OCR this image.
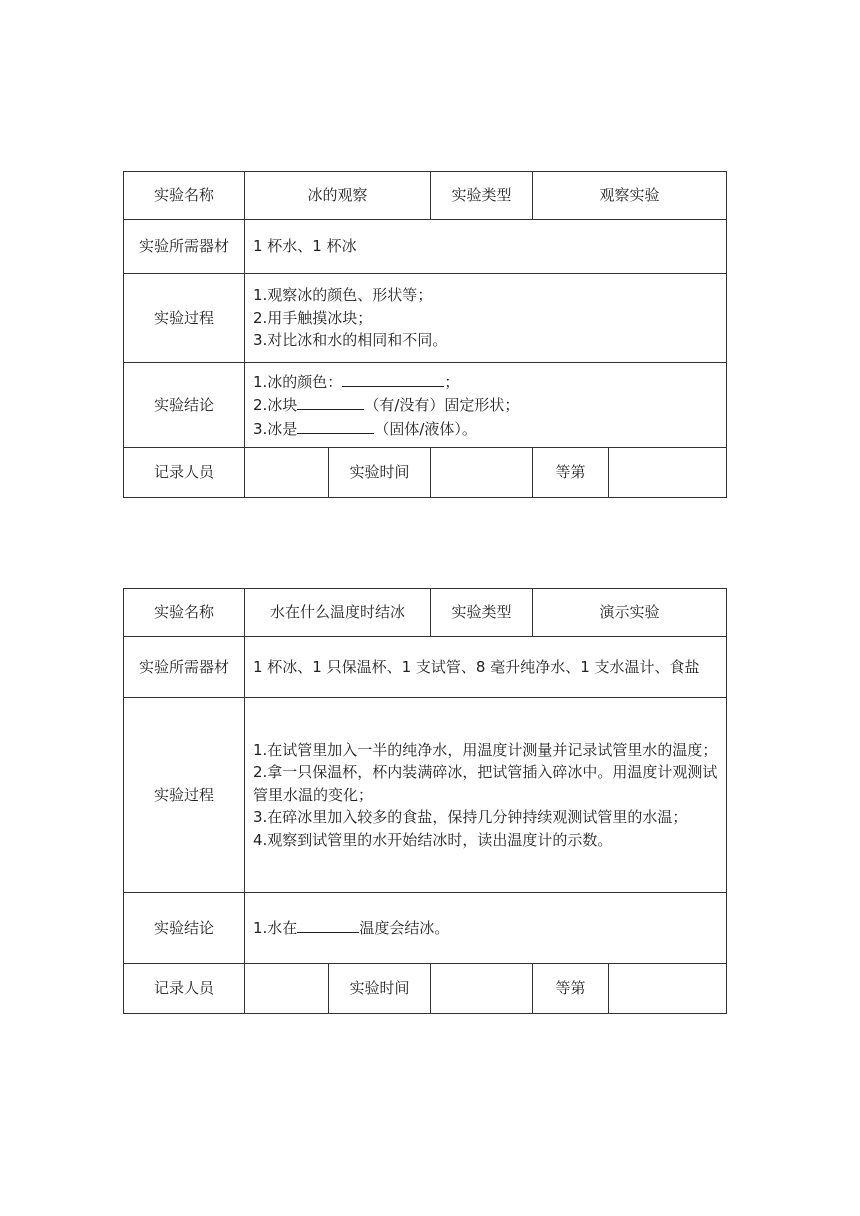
实验名称	冰的观察		实验类型	观察实验	
实验所需器材	1 杯水、1 杯冰				
实验过程	1.观察冰的颜色、形状等；
2.用手触摸冰块；
3.对比冰和水的相同和不同。				

实验结论	1.冰的颜色： ；
2.冰块 （有/没有）固定形状；
3.冰是 （固体/液体）。				

记录人员		实验时间		等第	
实验名称	水在什么温度时结冰		实验类型	演示实验	
实验所需器材	1 杯冰、1 只保温杯、1 支试管、8 毫升纯净水、1 支水温计、食盐				
实验过程	1.在试管里加入一半的纯净水，用温度计测量并记录试管里水的温度；
2.拿一只保温杯，杯内装满碎冰，把试管插入碎冰中。用温度计观测试管里水温的变化；
3.在碎冰里加入较多的食盐，保持几分钟持续观测试管里的水温；
4.观察到试管里的水开始结冰时，读出温度计的示数。				

实验结论	1.水在 温度会结冰。				

记录人员		实验时间		等第	
